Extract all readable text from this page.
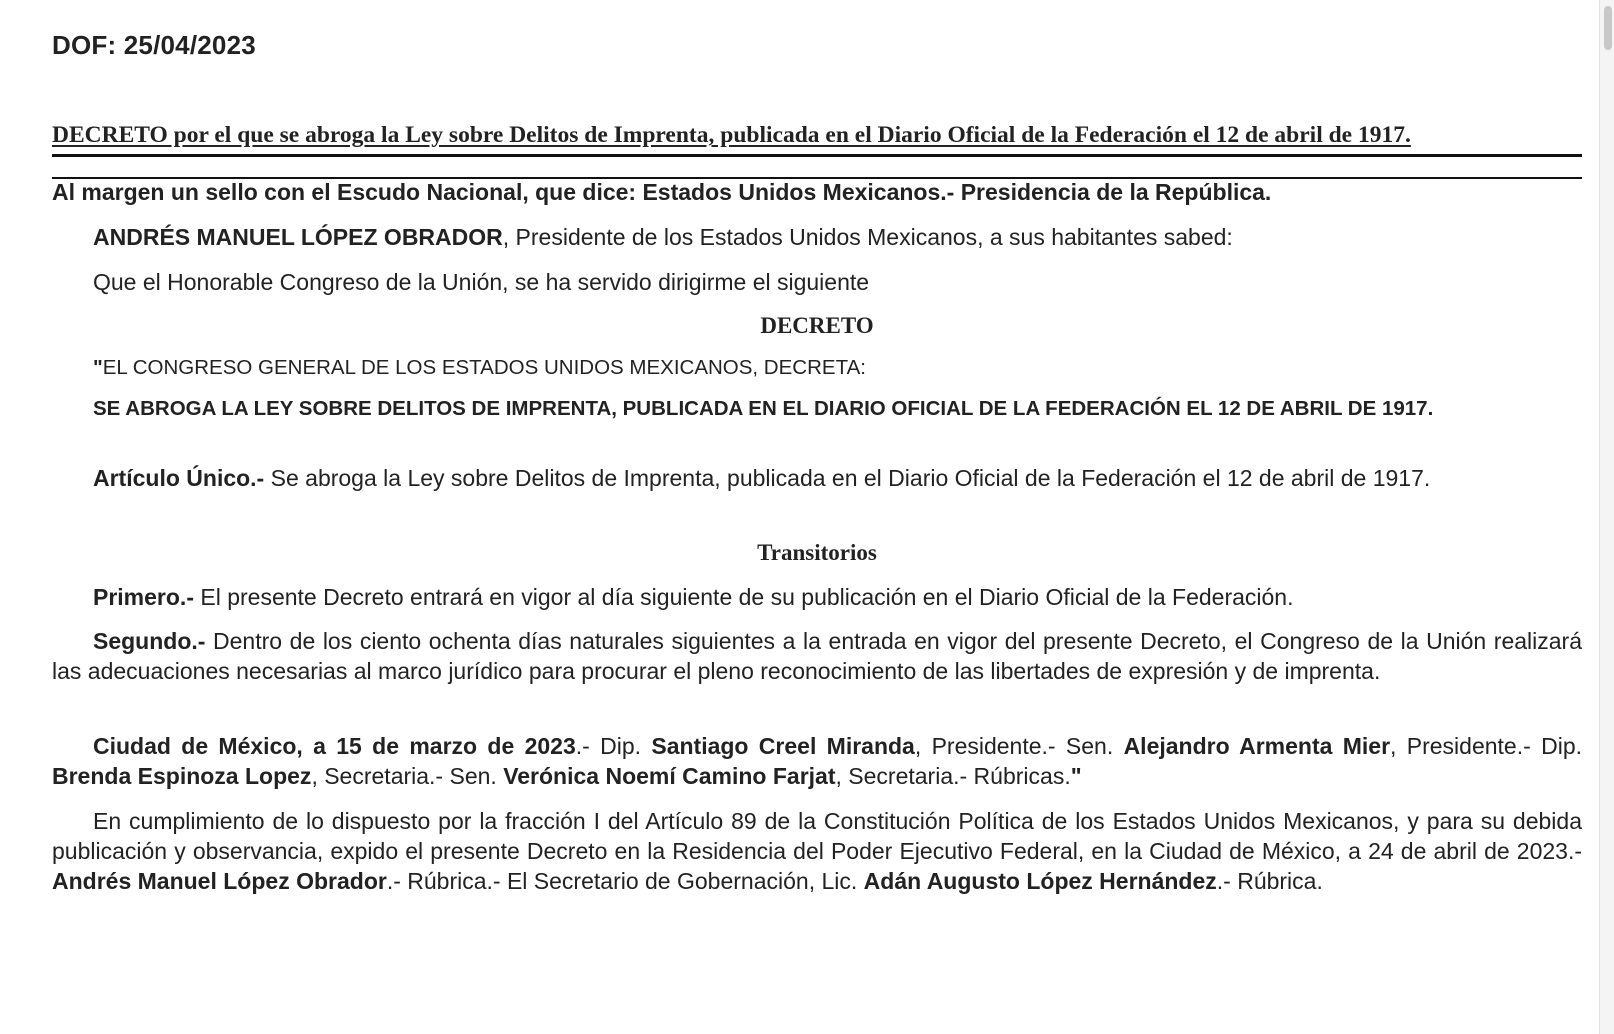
DOF: 25/04/2023
DECRETO por el que se abroga la Ley sobre Delitos de Imprenta, publicada en el Diario Oficial de la Federación el 12 de abril de 1917.
Al margen un sello con el Escudo Nacional, que dice: Estados Unidos Mexicanos.- Presidencia de la República.
ANDRÉS MANUEL LÓPEZ OBRADOR, Presidente de los Estados Unidos Mexicanos, a sus habitantes sabed:
Que el Honorable Congreso de la Unión, se ha servido dirigirme el siguiente
DECRETO
"EL CONGRESO GENERAL DE LOS ESTADOS UNIDOS MEXICANOS, DECRETA:
SE ABROGA LA LEY SOBRE DELITOS DE IMPRENTA, PUBLICADA EN EL DIARIO OFICIAL DE LA FEDERACIÓN EL 12 DE ABRIL DE 1917.
Artículo Único.- Se abroga la Ley sobre Delitos de Imprenta, publicada en el Diario Oficial de la Federación el 12 de abril de 1917.
Transitorios
Primero.- El presente Decreto entrará en vigor al día siguiente de su publicación en el Diario Oficial de la Federación.
Segundo.- Dentro de los ciento ochenta días naturales siguientes a la entrada en vigor del presente Decreto, el Congreso de la Unión realizará las adecuaciones necesarias al marco jurídico para procurar el pleno reconocimiento de las libertades de expresión y de imprenta.
Ciudad de México, a 15 de marzo de 2023.- Dip. Santiago Creel Miranda, Presidente.- Sen. Alejandro Armenta Mier, Presidente.- Dip. Brenda Espinoza Lopez, Secretaria.- Sen. Verónica Noemí Camino Farjat, Secretaria.- Rúbricas."
En cumplimiento de lo dispuesto por la fracción I del Artículo 89 de la Constitución Política de los Estados Unidos Mexicanos, y para su debida publicación y observancia, expido el presente Decreto en la Residencia del Poder Ejecutivo Federal, en la Ciudad de México, a 24 de abril de 2023.- Andrés Manuel López Obrador.- Rúbrica.- El Secretario de Gobernación, Lic. Adán Augusto López Hernández.- Rúbrica.
